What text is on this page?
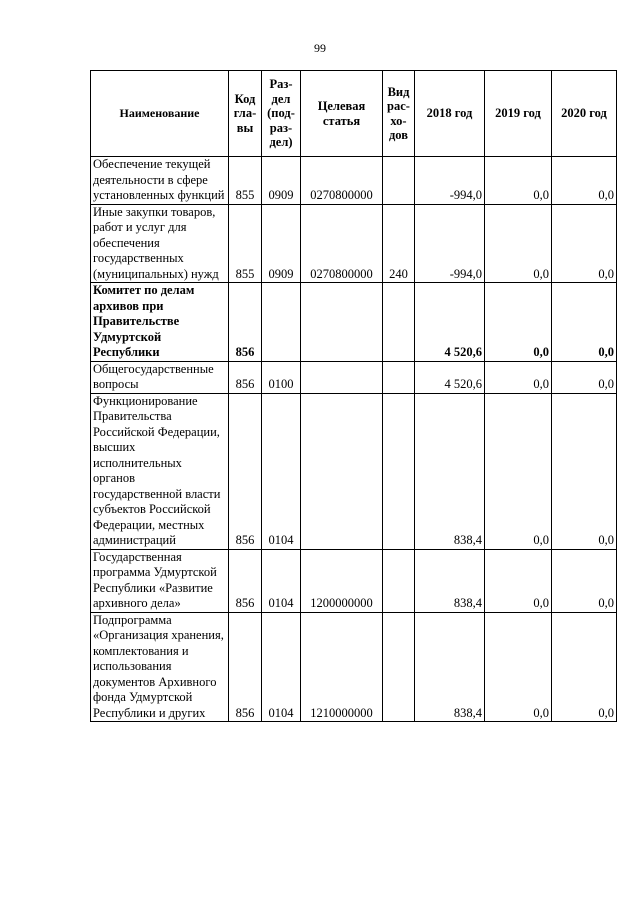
99
Наименование	Код гла- вы	Раз- дел (под- раз- дел)	Целевая статья	Вид рас- хо- дов	2018 год	2019 год	2020 год
Обеспечение текущей деятельности в сфере установленных функций	855	0909	0270800000		-994,0	0,0	0,0
Иные закупки товаров, работ и услуг для обеспечения государственных (муниципальных) нужд	855	0909	0270800000	240	-994,0	0,0	0,0
Комитет по делам архивов при Правительстве Удмуртской Республики	856				4 520,6	0,0	0,0
Общегосударственные вопросы	856	0100			4 520,6	0,0	0,0
Функционирование Правительства Российской Федерации, высших исполнительных органов государственной власти субъектов Российской Федерации, местных администраций	856	0104			838,4	0,0	0,0
Государственная программа Удмуртской Республики «Развитие архивного дела»	856	0104	1200000000		838,4	0,0	0,0
Подпрограмма «Организация хранения, комплектования и использования документов Архивного фонда Удмуртской Республики и других	856	0104	1210000000		838,4	0,0	0,0
